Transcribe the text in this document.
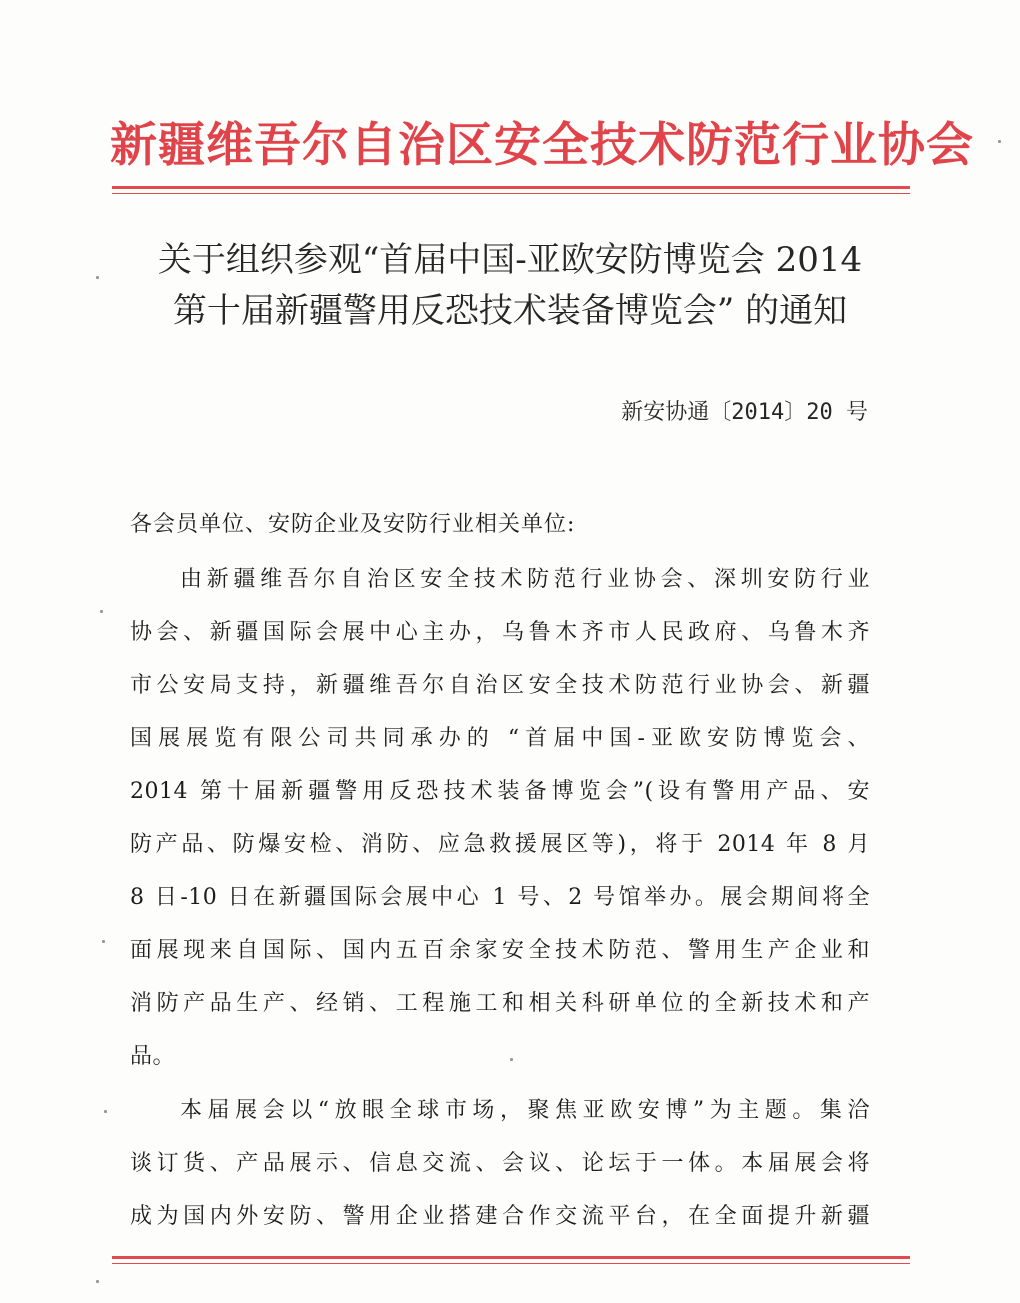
新疆维吾尔自治区安全技术防范行业协会
关于组织参观“首届中国-亚欧安防博览会 2014
第十届新疆警用反恐技术装备博览会” 的通知
新安协通〔2014〕20 号
各会员单位、安防企业及安防行业相关单位:
由新疆维吾尔自治区安全技术防范行业协会、深圳安防行业
协会、新疆国际会展中心主办，乌鲁木齐市人民政府、乌鲁木齐
市公安局支持，新疆维吾尔自治区安全技术防范行业协会、新疆
国展展览有限公司共同承办的 “首届中国-亚欧安防博览会、
2014 第十届新疆警用反恐技术装备博览会”(设有警用产品、安
防产品、防爆安检、消防、应急救援展区等)，将于 2014 年 8 月
8 日-10 日在新疆国际会展中心 1 号、2 号馆举办。展会期间将全
面展现来自国际、国内五百余家安全技术防范、警用生产企业和
消防产品生产、经销、工程施工和相关科研单位的全新技术和产
品。
本届展会以“放眼全球市场，聚焦亚欧安博”为主题。集洽
谈订货、产品展示、信息交流、会议、论坛于一体。本届展会将
成为国内外安防、警用企业搭建合作交流平台，在全面提升新疆
